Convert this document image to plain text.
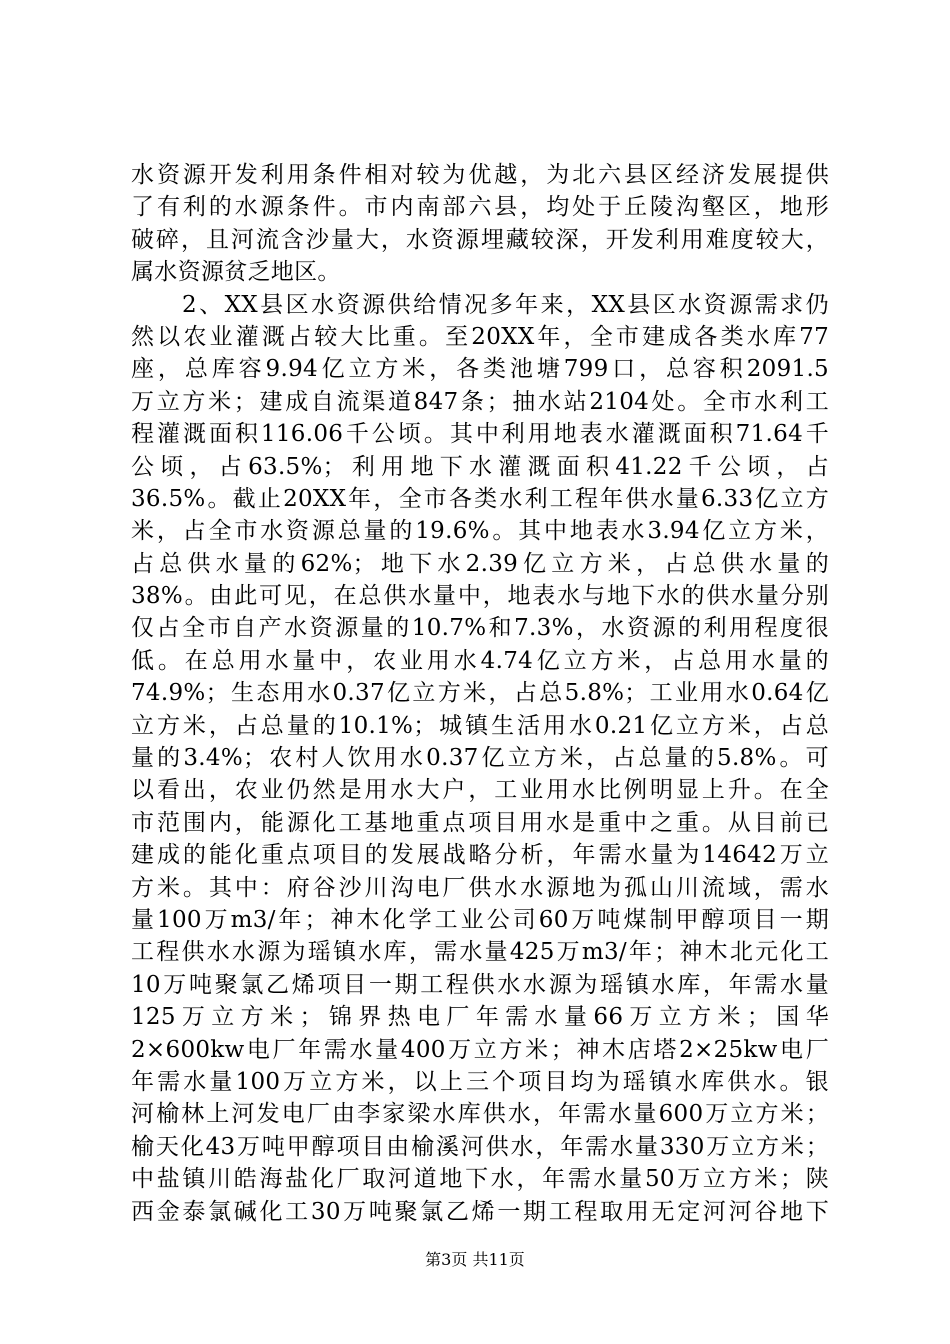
水资源开发利用条件相对较为优越，为北六县区经济发展提供
了有利的水源条件。市内南部六县，均处于丘陵沟壑区，地形
破碎，且河流含沙量大，水资源埋藏较深，开发利用难度较大，
属水资源贫乏地区。
　　2、XX县区水资源供给情况多年来，XX县区水资源需求仍
然以农业灌溉占较大比重。至20XX年，全市建成各类水库77
座，总库容9.94亿立方米，各类池塘799口，总容积2091.5
万立方米；建成自流渠道847条；抽水站2104处。全市水利工
程灌溉面积116.06千公顷。其中利用地表水灌溉面积71.64千
公顷，占63.5%；利用地下水灌溉面积41.22千公顷，占
36.5%。截止20XX年，全市各类水利工程年供水量6.33亿立方
米，占全市水资源总量的19.6%。其中地表水3.94亿立方米，
占总供水量的62%；地下水2.39亿立方米，占总供水量的
38%。由此可见，在总供水量中，地表水与地下水的供水量分别
仅占全市自产水资源量的10.7%和7.3%，水资源的利用程度很
低。在总用水量中，农业用水4.74亿立方米，占总用水量的
74.9%；生态用水0.37亿立方米，占总5.8%；工业用水0.64亿
立方米，占总量的10.1%；城镇生活用水0.21亿立方米，占总
量的3.4%；农村人饮用水0.37亿立方米，占总量的5.8%。可
以看出，农业仍然是用水大户，工业用水比例明显上升。在全
市范围内，能源化工基地重点项目用水是重中之重。从目前已
建成的能化重点项目的发展战略分析，年需水量为14642万立
方米。其中：府谷沙川沟电厂供水水源地为孤山川流域，需水
量100万m3/年；神木化学工业公司60万吨煤制甲醇项目一期
工程供水水源为瑶镇水库，需水量425万m3/年；神木北元化工
10万吨聚氯乙烯项目一期工程供水水源为瑶镇水库，年需水量
125万立方米；锦界热电厂年需水量66万立方米；国华
2×600kw电厂年需水量400万立方米；神木店塔2×25kw电厂
年需水量100万立方米，以上三个项目均为瑶镇水库供水。银
河榆林上河发电厂由李家梁水库供水，年需水量600万立方米；
榆天化43万吨甲醇项目由榆溪河供水，年需水量330万立方米；
中盐镇川皓海盐化厂取河道地下水，年需水量50万立方米；陕
西金泰氯碱化工30万吨聚氯乙烯一期工程取用无定河河谷地下
第3页 共11页
